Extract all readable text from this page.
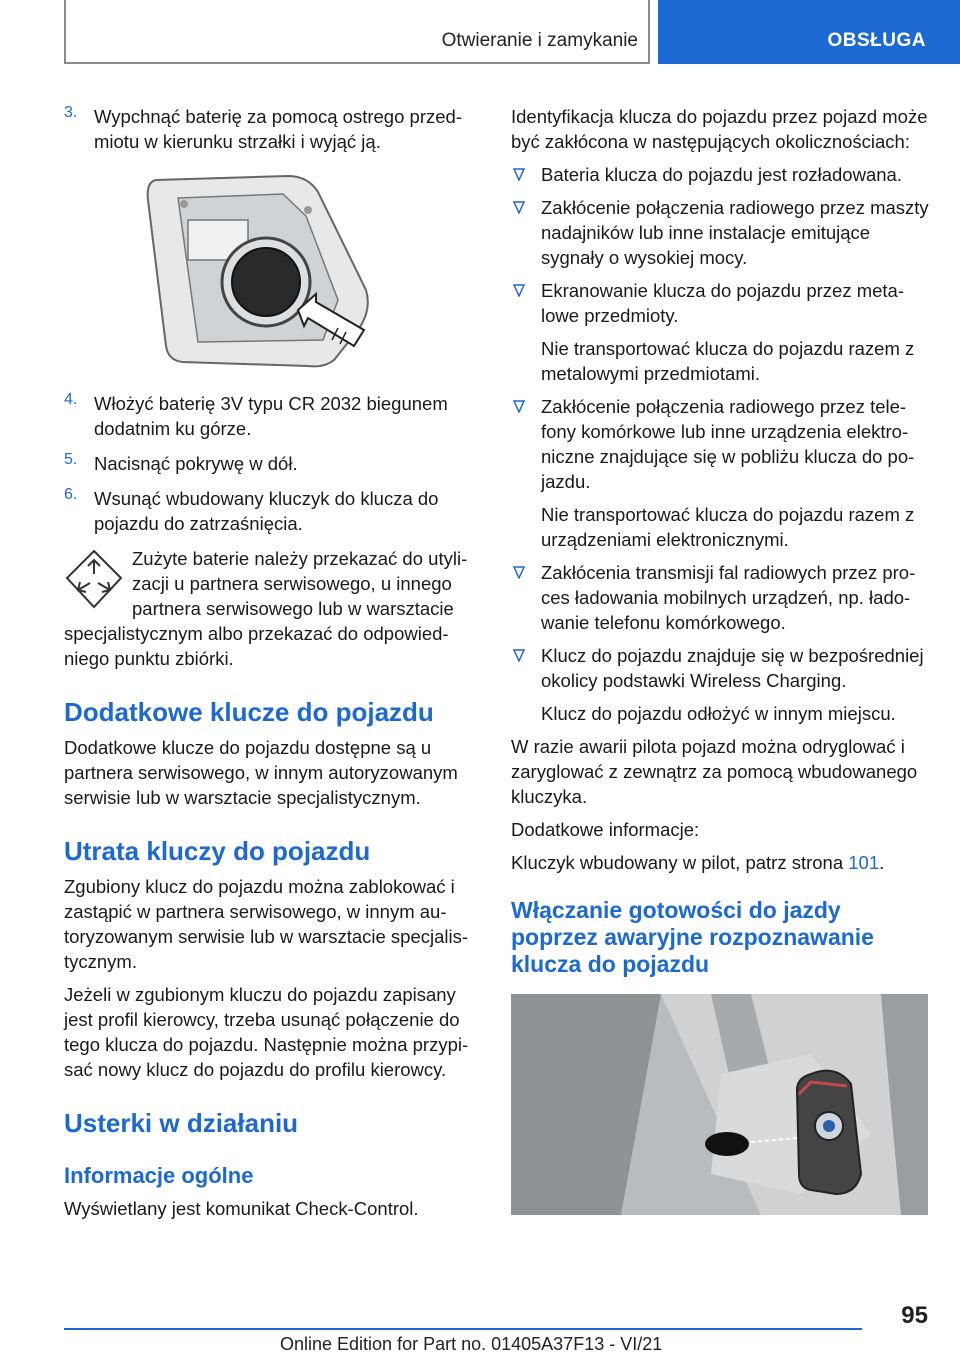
Otwieranie i zamykanie	OBSŁUGA
3. Wypchnąć baterię za pomocą ostrego przedmiotu w kierunku strzałki i wyjąć ją.

4. Włożyć baterię 3V typu CR 2032 biegunem dodatnim ku górze.

5. Nacisnąć pokrywę w dół.

6. Wsunąć wbudowany kluczyk do klucza do pojazdu do zatrzaśnięcia.

Zużyte baterie należy przekazać do utylizacji u partnera serwisowego, u innego partnera serwisowego lub w warsztacie specjalistycznym albo przekazać do odpowiedniego punktu zbiórki.

Dodatkowe klucze do pojazdu

Dodatkowe klucze do pojazdu dostępne są u partnera serwisowego, w innym autoryzowanym serwisie lub w warsztacie specjalistycznym.

Utrata kluczy do pojazdu

Zgubiony klucz do pojazdu można zablokować i zastąpić w partnera serwisowego, w innym autoryzowanym serwisie lub w warsztacie specjalistycznym.

Jeżeli w zgubionym kluczu do pojazdu zapisany jest profil kierowcy, trzeba usunąć połączenie do tego klucza do pojazdu. Następnie można przypisać nowy klucz do pojazdu do profilu kierowcy.

Usterki w działaniu
Informacje ogólne

Wyświetlany jest komunikat Check-Control.

Identyfikacja klucza do pojazdu przez pojazd może być zakłócona w następujących okolicznościach:

Bateria klucza do pojazdu jest rozładowana.

Zakłócenie połączenia radiowego przez maszty nadajników lub inne instalacje emitujące sygnały o wysokiej mocy.

Ekranowanie klucza do pojazdu przez metalowe przedmioty.

Nie transportować klucza do pojazdu razem z metalowymi przedmiotami.

Zakłócenie połączenia radiowego przez telefony komórkowe lub inne urządzenia elektroniczne znajdujące się w pobliżu klucza do pojazdu.

Nie transportować klucza do pojazdu razem z urządzeniami elektronicznymi.

Zakłócenia transmisji fal radiowych przez proces ładowania mobilnych urządzeń, np. ładowanie telefonu komórkowego.

Klucz do pojazdu znajduje się w bezpośredniej okolicy podstawki Wireless Charging.

Klucz do pojazdu odłożyć w innym miejscu.

W razie awarii pilota pojazd można odryglować i zaryglować z zewnątrz za pomocą wbudowanego kluczyka.

Dodatkowe informacje:

Kluczyk wbudowany w pilot, patrz strona 101.

Włączanie gotowości do jazdy poprzez awaryjne rozpoznawanie klucza do pojazdu
95
Online Edition for Part no. 01405A37F13 - VI/21
